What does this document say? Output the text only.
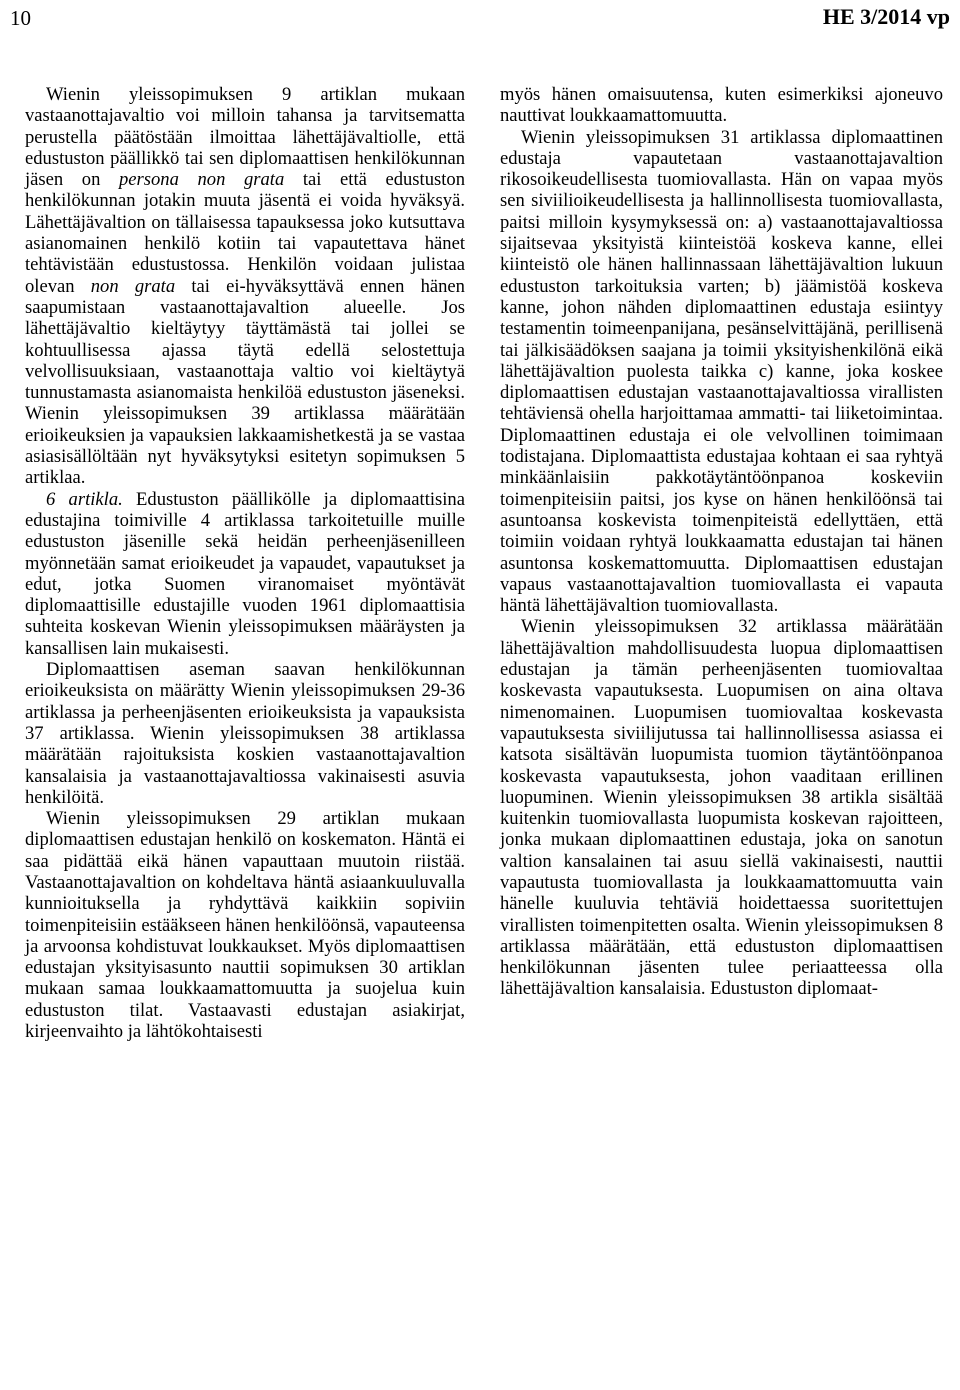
10	HE 3/2014 vp

Wienin yleissopimuksen 9 artiklan mukaan vastaanottajavaltio voi milloin tahansa ja tarvitsematta perustella päätöstään ilmoittaa lähettäjävaltiolle, että edustuston päällikkö tai sen diplomaattisen henkilökunnan jäsen on persona non grata tai että edustuston henkilökunnan jotakin muuta jäsentä ei voida hyväksyä. Lähettäjävaltion on tällaisessa tapauksessa joko kutsuttava asianomainen henkilö kotiin tai vapautettava hänet tehtävistään edustustossa. Henkilön voidaan julistaa olevan non grata tai ei-hyväksyttävä ennen hänen saapumistaan vastaanottajavaltion alueelle. Jos lähettäjävaltio kieltäytyy täyttämästä tai jollei se kohtuullisessa ajassa täytä edellä selostettuja velvollisuuksiaan, vastaanottaja valtio voi kieltäytyä tunnustamasta asianomaista henkilöä edustuston jäseneksi. Wienin yleissopimuksen 39 artiklassa määrätään erioikeuksien ja vapauksien lakkaamishetkestä ja se vastaa asiasisällöltään nyt hyväksytyksi esitetyn sopimuksen 5 artiklaa.

6 artikla. Edustuston päällikölle ja diplomaattisina edustajina toimiville 4 artiklassa tarkoitetuille muille edustuston jäsenille sekä heidän perheenjäsenilleen myönnetään samat erioikeudet ja vapaudet, vapautukset ja edut, jotka Suomen viranomaiset myöntävät diplomaattisille edustajille vuoden 1961 diplomaattisia suhteita koskevan Wienin yleissopimuksen määräysten ja kansallisen lain mukaisesti.

Diplomaattisen aseman saavan henkilökunnan erioikeuksista on määrätty Wienin yleissopimuksen 29-36 artiklassa ja perheenjäsenten erioikeuksista ja vapauksista 37 artiklassa. Wienin yleissopimuksen 38 artiklassa määrätään rajoituksista koskien vastaanottajavaltion kansalaisia ja vastaanottajavaltiossa vakinaisesti asuvia henkilöitä.

Wienin yleissopimuksen 29 artiklan mukaan diplomaattisen edustajan henkilö on koskematon. Häntä ei saa pidättää eikä hänen vapauttaan muutoin riistää. Vastaanottajavaltion on kohdeltava häntä asiaankuuluvalla kunnioituksella ja ryhdyttävä kaikkiin sopiviin toimenpiteisiin estääkseen hänen henkilöönsä, vapauteensa ja arvoonsa kohdistuvat loukkaukset. Myös diplomaattisen edustajan yksityisasunto nauttii sopimuksen 30 artiklan mukaan samaa loukkaamattomuutta ja suojelua kuin edustuston tilat. Vastaavasti edustajan asiakirjat, kirjeenvaihto ja lähtökohtaisesti

myös hänen omaisuutensa, kuten esimerkiksi ajoneuvo nauttivat loukkaamattomuutta.

Wienin yleissopimuksen 31 artiklassa diplomaattinen edustaja vapautetaan vastaanottajavaltion rikosoikeudellisesta tuomiovallasta. Hän on vapaa myös sen siviilioikeudellisesta ja hallinnollisesta tuomiovallasta, paitsi milloin kysymyksessä on: a) vastaanottajavaltiossa sijaitsevaa yksityistä kiinteistöä koskeva kanne, ellei kiinteistö ole hänen hallinnassaan lähettäjävaltion lukuun edustuston tarkoituksia varten; b) jäämistöä koskeva kanne, johon nähden diplomaattinen edustaja esiintyy testamentin toimeenpanijana, pesänselvittäjänä, perillisenä tai jälkisäädöksen saajana ja toimii yksityishenkilönä eikä lähettäjävaltion puolesta taikka c) kanne, joka koskee diplomaattisen edustajan vastaanottajavaltiossa virallisten tehtäviensä ohella harjoittamaa ammatti- tai liiketoimintaa. Diplomaattinen edustaja ei ole velvollinen toimimaan todistajana. Diplomaattista edustajaa kohtaan ei saa ryhtyä minkäänlaisiin pakkotäytäntöönpanoa koskeviin toimenpiteisiin paitsi, jos kyse on hänen henkilöönsä tai asuntoansa koskevista toimenpiteistä edellyttäen, että toimiin voidaan ryhtyä loukkaamatta edustajan tai hänen asuntonsa koskemattomuutta. Diplomaattisen edustajan vapaus vastaanottajavaltion tuomiovallasta ei vapauta häntä lähettäjävaltion tuomiovallasta.

Wienin yleissopimuksen 32 artiklassa määrätään lähettäjävaltion mahdollisuudesta luopua diplomaattisen edustajan ja tämän perheenjäsenten tuomiovaltaa koskevasta vapautuksesta. Luopumisen on aina oltava nimenomainen. Luopumisen tuomiovaltaa koskevasta vapautuksesta siviilijutussa tai hallinnollisessa asiassa ei katsota sisältävän luopumista tuomion täytäntöönpanoa koskevasta vapautuksesta, johon vaaditaan erillinen luopuminen. Wienin yleissopimuksen 38 artikla sisältää kuitenkin tuomiovallasta luopumista koskevan rajoitteen, jonka mukaan diplomaattinen edustaja, joka on sanotun valtion kansalainen tai asuu siellä vakinaisesti, nauttii vapautusta tuomiovallasta ja loukkaamattomuutta vain hänelle kuuluvia tehtäviä hoidettaessa suoritettujen virallisten toimenpitetten osalta. Wienin yleissopimuksen 8 artiklassa määrätään, että edustuston diplomaattisen henkilökunnan jäsenten tulee periaatteessa olla lähettäjävaltion kansalaisia. Edustuston diplomaat-
